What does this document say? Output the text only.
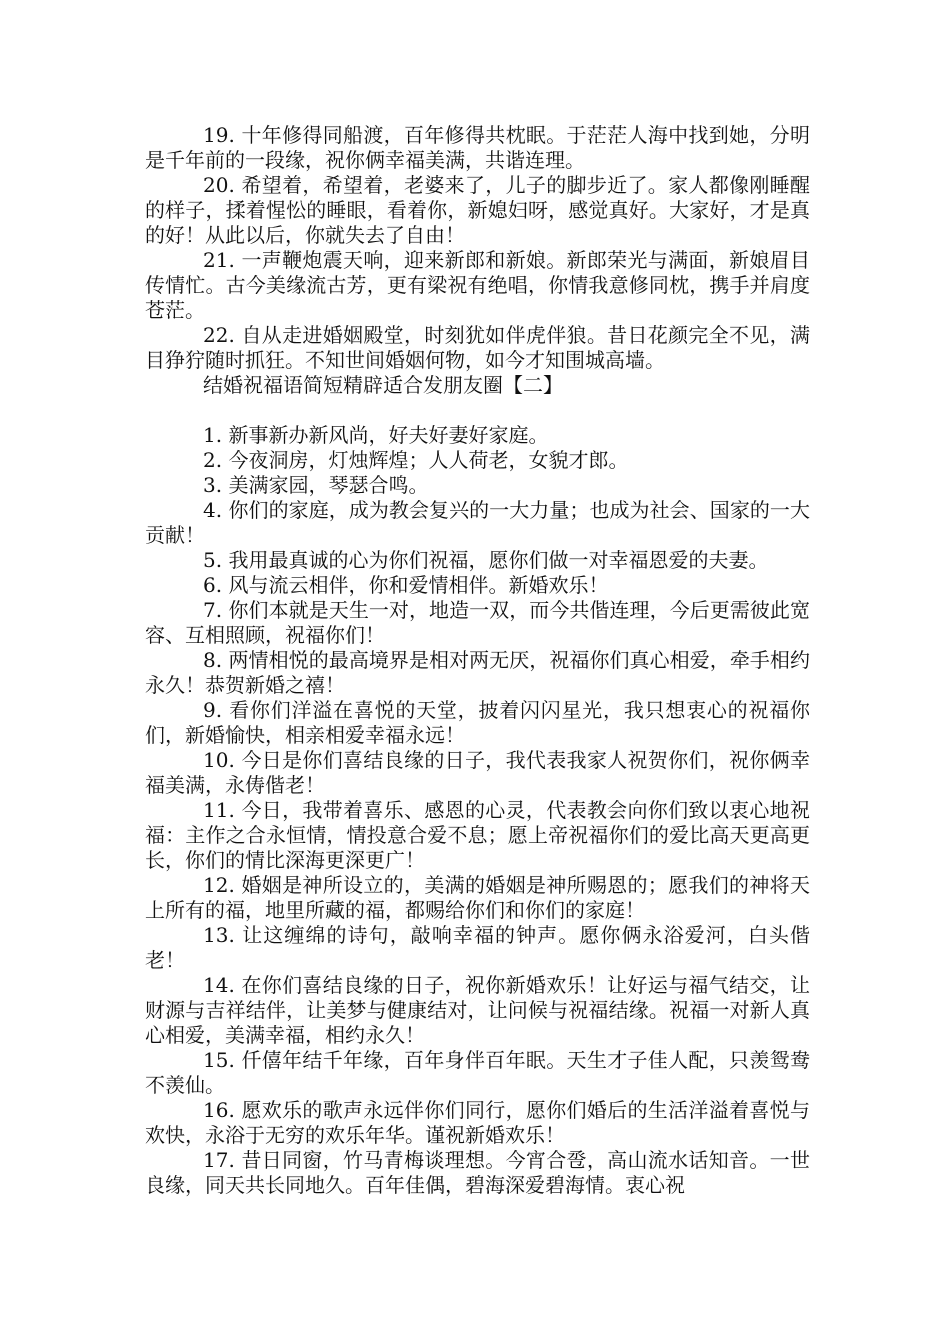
19. 十年修得同船渡，百年修得共枕眠。于茫茫人海中找到她，分明是千年前的一段缘，祝你俩幸福美满，共谐连理。

20. 希望着，希望着，老婆来了，儿子的脚步近了。家人都像刚睡醒的样子，揉着惺忪的睡眼，看着你，新媳妇呀，感觉真好。大家好，才是真的好！从此以后，你就失去了自由！

21. 一声鞭炮震天响，迎来新郎和新娘。新郎荣光与满面，新娘眉目传情忙。古今美缘流古芳，更有梁祝有绝唱，你情我意修同枕，携手并肩度苍茫。

22. 自从走进婚姻殿堂，时刻犹如伴虎伴狼。昔日花颜完全不见，满目狰狞随时抓狂。不知世间婚姻何物，如今才知围城高墙。

结婚祝福语简短精辟适合发朋友圈【二】

1. 新事新办新风尚，好夫好妻好家庭。

2. 今夜洞房，灯烛辉煌；人人荷老，女貌才郎。

3. 美满家园，琴瑟合鸣。

4. 你们的家庭，成为教会复兴的一大力量；也成为社会、国家的一大贡献！

5. 我用最真诚的心为你们祝福，愿你们做一对幸福恩爱的夫妻。

6. 风与流云相伴，你和爱情相伴。新婚欢乐！

7. 你们本就是天生一对，地造一双，而今共偕连理，今后更需彼此宽容、互相照顾，祝福你们！

8. 两情相悦的最高境界是相对两无厌，祝福你们真心相爱，牵手相约永久！恭贺新婚之禧！

9. 看你们洋溢在喜悦的天堂，披着闪闪星光，我只想衷心的祝福你们，新婚愉快，相亲相爱幸福永远！

10. 今日是你们喜结良缘的日子，我代表我家人祝贺你们，祝你俩幸福美满，永俦偕老！

11. 今日，我带着喜乐、感恩的心灵，代表教会向你们致以衷心地祝福：主作之合永恒情，情投意合爱不息；愿上帝祝福你们的爱比高天更高更长，你们的情比深海更深更广！

12. 婚姻是神所设立的，美满的婚姻是神所赐恩的；愿我们的神将天上所有的福，地里所藏的福，都赐给你们和你们的家庭！

13. 让这缠绵的诗句，敲响幸福的钟声。愿你俩永浴爱河，白头偕老！

14. 在你们喜结良缘的日子，祝你新婚欢乐！让好运与福气结交，让财源与吉祥结伴，让美梦与健康结对，让问候与祝福结缘。祝福一对新人真心相爱，美满幸福，相约永久！

15. 仟僖年结千年缘，百年身伴百年眠。天生才子佳人配，只羡鸳鸯不羡仙。

16. 愿欢乐的歌声永远伴你们同行，愿你们婚后的生活洋溢着喜悦与欢快，永浴于无穷的欢乐年华。谨祝新婚欢乐！

17. 昔日同窗，竹马青梅谈理想。今宵合卺，高山流水话知音。一世良缘，同天共长同地久。百年佳偶，碧海深爱碧海情。衷心祝
